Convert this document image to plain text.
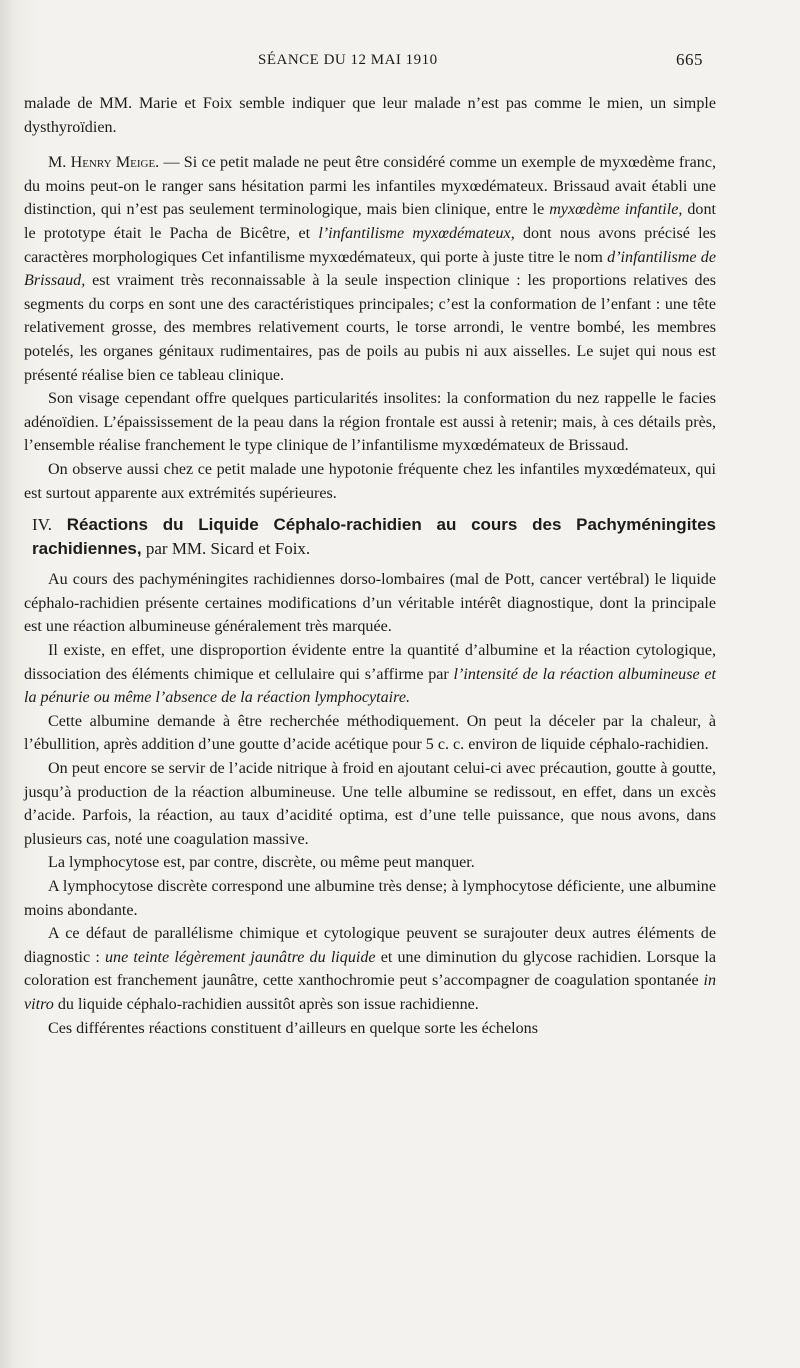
SÉANCE DU 12 MAI 1910	665

malade de MM. Marie et Foix semble indiquer que leur malade n’est pas comme le mien, un simple dysthyroïdien.

M. Henry Meige. — Si ce petit malade ne peut être considéré comme un exemple de myxœdème franc, du moins peut-on le ranger sans hésitation parmi les infantiles myxœdémateux. Brissaud avait établi une distinction, qui n’est pas seulement terminologique, mais bien clinique, entre le myxœdème infantile, dont le prototype était le Pacha de Bicêtre, et l’infantilisme myxœdémateux, dont nous avons précisé les caractères morphologiques Cet infantilisme myxœdémateux, qui porte à juste titre le nom d’infantilisme de Brissaud, est vraiment très reconnaissable à la seule inspection clinique : les proportions relatives des segments du corps en sont une des caractéristiques principales; c’est la conformation de l’enfant : une tête relativement grosse, des membres relativement courts, le torse arrondi, le ventre bombé, les membres potelés, les organes génitaux rudimentaires, pas de poils au pubis ni aux aisselles. Le sujet qui nous est présenté réalise bien ce tableau clinique.

Son visage cependant offre quelques particularités insolites: la conformation du nez rappelle le facies adénoïdien. L’épaississement de la peau dans la région frontale est aussi à retenir; mais, à ces détails près, l’ensemble réalise franchement le type clinique de l’infantilisme myxœdémateux de Brissaud.

On observe aussi chez ce petit malade une hypotonie fréquente chez les infantiles myxœdémateux, qui est surtout apparente aux extrémités supérieures.

IV. Réactions du Liquide Céphalo-rachidien au cours des Pachyméningites rachidiennes, par MM. Sicard et Foix.

Au cours des pachyméningites rachidiennes dorso-lombaires (mal de Pott, cancer vertébral) le liquide céphalo-rachidien présente certaines modifications d’un véritable intérêt diagnostique, dont la principale est une réaction albumineuse généralement très marquée.

Il existe, en effet, une disproportion évidente entre la quantité d’albumine et la réaction cytologique, dissociation des éléments chimique et cellulaire qui s’affirme par l’intensité de la réaction albumineuse et la pénurie ou même l’absence de la réaction lymphocytaire.

Cette albumine demande à être recherchée méthodiquement. On peut la déceler par la chaleur, à l’ébullition, après addition d’une goutte d’acide acétique pour 5 c. c. environ de liquide céphalo-rachidien.

On peut encore se servir de l’acide nitrique à froid en ajoutant celui-ci avec précaution, goutte à goutte, jusqu’à production de la réaction albumineuse. Une telle albumine se redissout, en effet, dans un excès d’acide. Parfois, la réaction, au taux d’acidité optima, est d’une telle puissance, que nous avons, dans plusieurs cas, noté une coagulation massive.

La lymphocytose est, par contre, discrète, ou même peut manquer.

A lymphocytose discrète correspond une albumine très dense; à lymphocytose déficiente, une albumine moins abondante.

A ce défaut de parallélisme chimique et cytologique peuvent se surajouter deux autres éléments de diagnostic : une teinte légèrement jaunâtre du liquide et une diminution du glycose rachidien. Lorsque la coloration est franchement jaunâtre, cette xanthochromie peut s’accompagner de coagulation spontanée in vitro du liquide céphalo-rachidien aussitôt après son issue rachidienne.

Ces différentes réactions constituent d’ailleurs en quelque sorte les échelons
